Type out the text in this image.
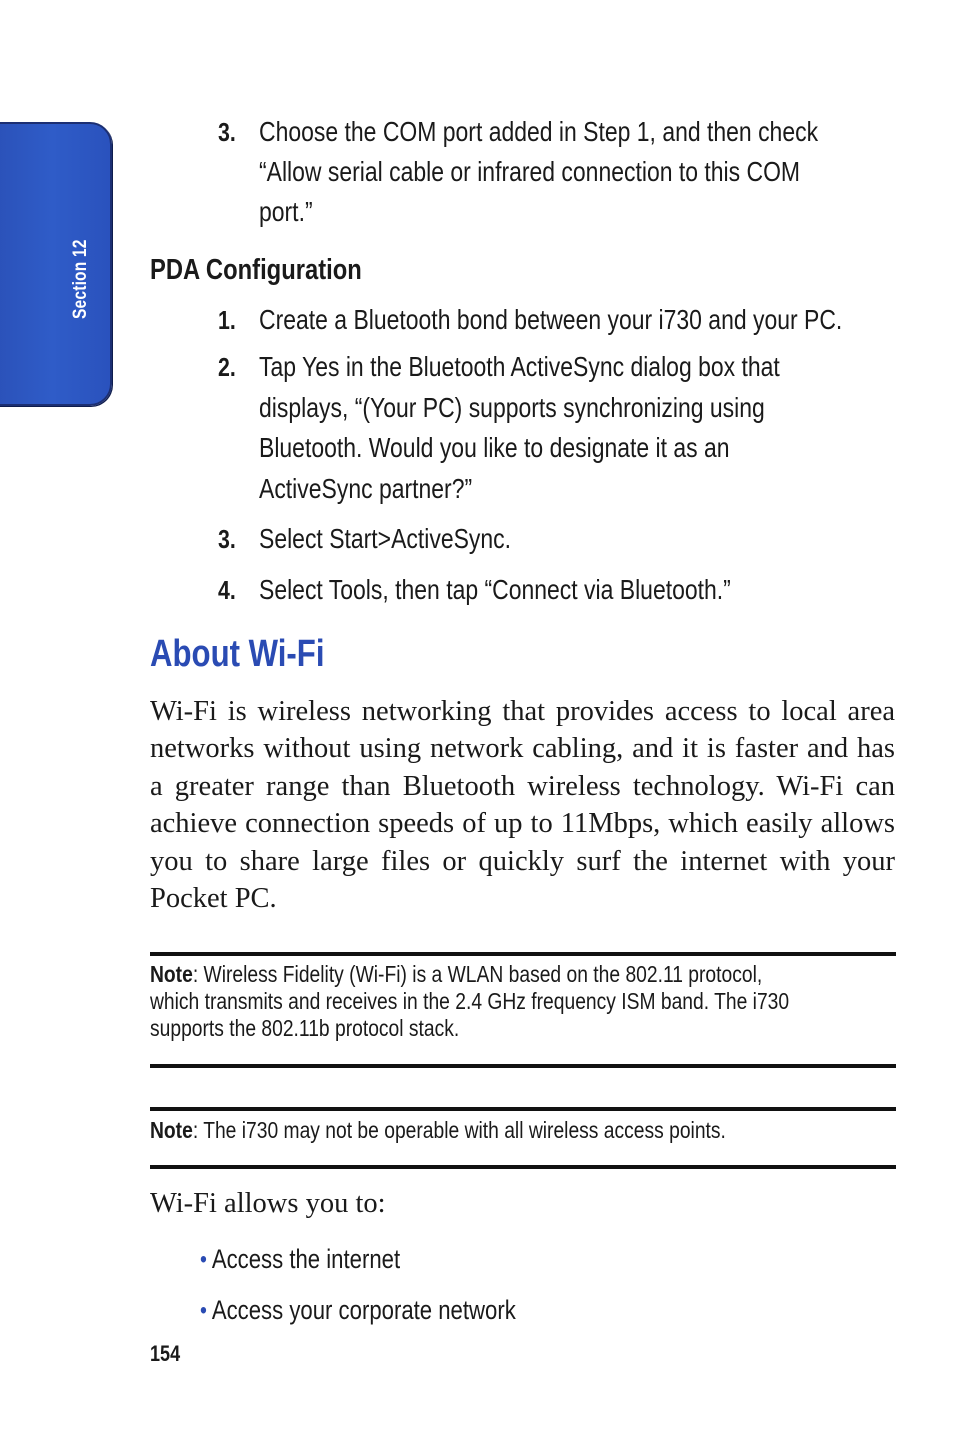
Section 12
3. Choose the COM port added in Step 1, and then check
“Allow serial cable or infrared connection to this COM
port.”
PDA Configuration
1. Create a Bluetooth bond between your i730 and your PC.
2. Tap Yes in the Bluetooth ActiveSync dialog box that
displays, “(Your PC) supports synchronizing using
Bluetooth. Would you like to designate it as an
ActiveSync partner?”
3. Select Start>ActiveSync.
4. Select Tools, then tap “Connect via Bluetooth.”
About Wi-Fi

Wi-Fi is wireless networking that provides access to local area networks without using network cabling, and it is faster and has a greater range than Bluetooth wireless technology. Wi-Fi can achieve connection speeds of up to 11Mbps, which easily allows you to share large files or quickly surf the internet with your Pocket PC.

Note: Wireless Fidelity (Wi-Fi) is a WLAN based on the 802.11 protocol,
which transmits and receives in the 2.4 GHz frequency ISM band. The i730
supports the 802.11b protocol stack.
Note: The i730 may not be operable with all wireless access points.
Wi-Fi allows you to:
• Access the internet
• Access your corporate network
154
